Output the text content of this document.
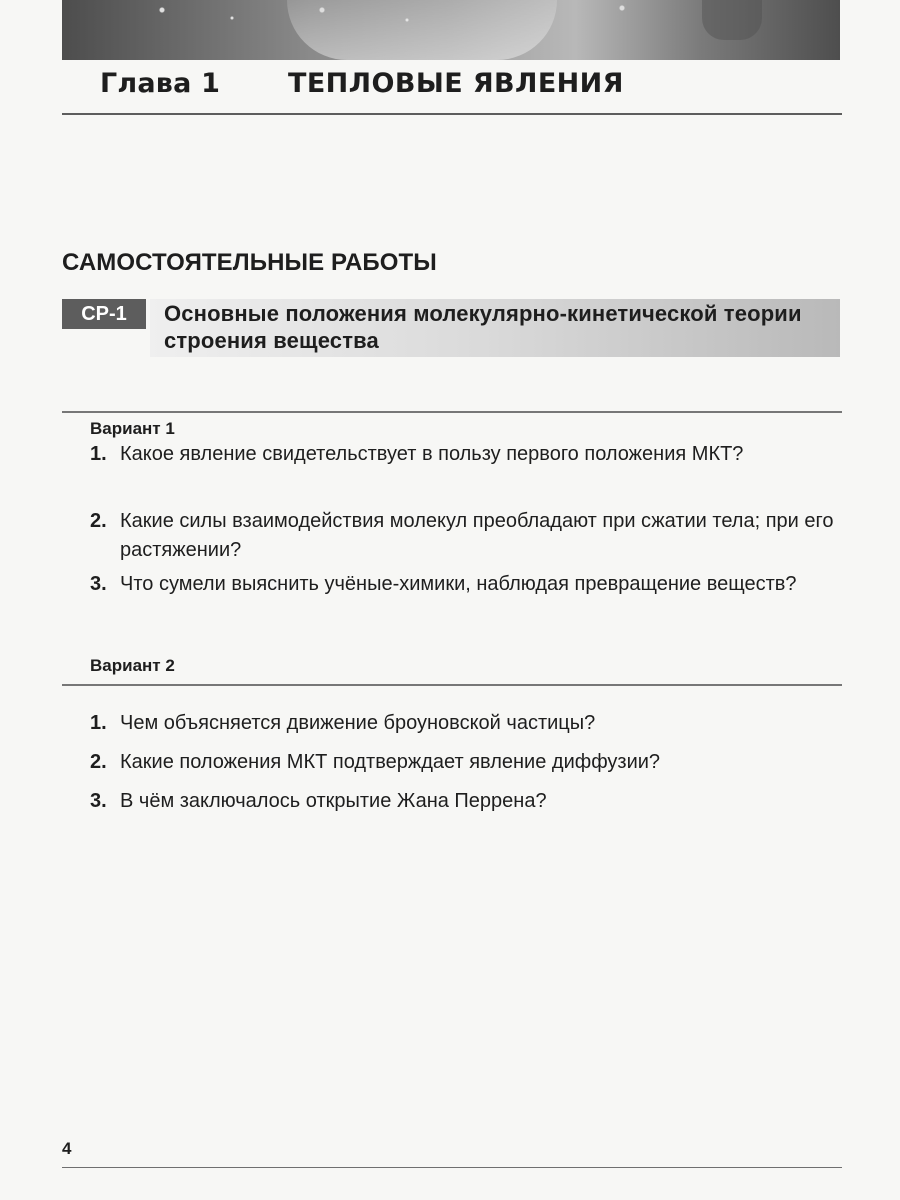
Глава 1	ТЕПЛОВЫЕ ЯВЛЕНИЯ
САМОСТОЯТЕЛЬНЫЕ РАБОТЫ
СР-1	Основные положения молекулярно-кинетической теории строения вещества
Вариант 1
1. Какое явление свидетельствует в пользу первого положения МКТ?
2. Какие силы взаимодействия молекул преобладают при сжатии тела; при его растяжении?
3. Что сумели выяснить учёные-химики, наблюдая превращение веществ?
Вариант 2
1. Чем объясняется движение броуновской частицы?
2. Какие положения МКТ подтверждает явление диффузии?
3. В чём заключалось открытие Жана Перрена?
4
